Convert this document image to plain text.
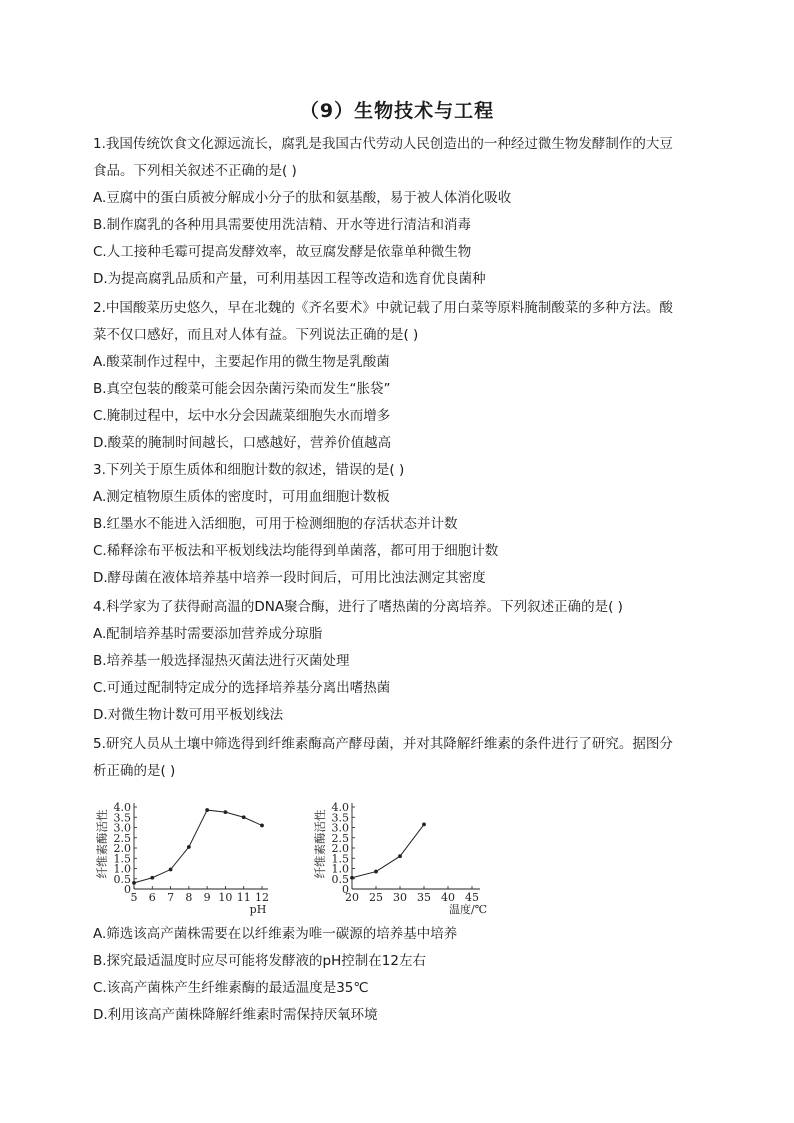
（9）生物技术与工程
1.我国传统饮食文化源远流长，腐乳是我国古代劳动人民创造出的一种经过微生物发酵制作的大豆
食品。下列相关叙述不正确的是( )
A.豆腐中的蛋白质被分解成小分子的肽和氨基酸，易于被人体消化吸收
B.制作腐乳的各种用具需要使用洗洁精、开水等进行清洁和消毒
C.人工接种毛霉可提高发酵效率，故豆腐发酵是依靠单种微生物
D.为提高腐乳品质和产量，可利用基因工程等改造和选育优良菌种
2.中国酸菜历史悠久，早在北魏的《齐名要术》中就记载了用白菜等原料腌制酸菜的多种方法。酸
菜不仅口感好，而且对人体有益。下列说法正确的是( )
A.酸菜制作过程中，主要起作用的微生物是乳酸菌
B.真空包装的酸菜可能会因杂菌污染而发生“胀袋”
C.腌制过程中，坛中水分会因蔬菜细胞失水而增多
D.酸菜的腌制时间越长，口感越好，营养价值越高
3.下列关于原生质体和细胞计数的叙述，错误的是( )
A.测定植物原生质体的密度时，可用血细胞计数板
B.红墨水不能进入活细胞，可用于检测细胞的存活状态并计数
C.稀释涂布平板法和平板划线法均能得到单菌落，都可用于细胞计数
D.酵母菌在液体培养基中培养一段时间后，可用比浊法测定其密度
4.科学家为了获得耐高温的DNA聚合酶，进行了嗜热菌的分离培养。下列叙述正确的是( )
A.配制培养基时需要添加营养成分琼脂
B.培养基一般选择湿热灭菌法进行灭菌处理
C.可通过配制特定成分的选择培养基分离出嗜热菌
D.对微生物计数可用平板划线法
5.研究人员从土壤中筛选得到纤维素酶高产酵母菌，并对其降解纤维素的条件进行了研究。据图分
析正确的是( )
0
0.5
1.0
1.5
2.0
2.5
3.0
3.5
4.0
5 6 7 8 9 10 11 12
pH
纤维素酶活性
0
0.5
1.0
1.5
2.0
2.5
3.0
3.5
4.0
20 25 30 35 40 45
温度/℃
纤维素酶活性
A.筛选该高产菌株需要在以纤维素为唯一碳源的培养基中培养
B.探究最适温度时应尽可能将发酵液的pH控制在12左右
C.该高产菌株产生纤维素酶的最适温度是35℃
D.利用该高产菌株降解纤维素时需保持厌氧环境
